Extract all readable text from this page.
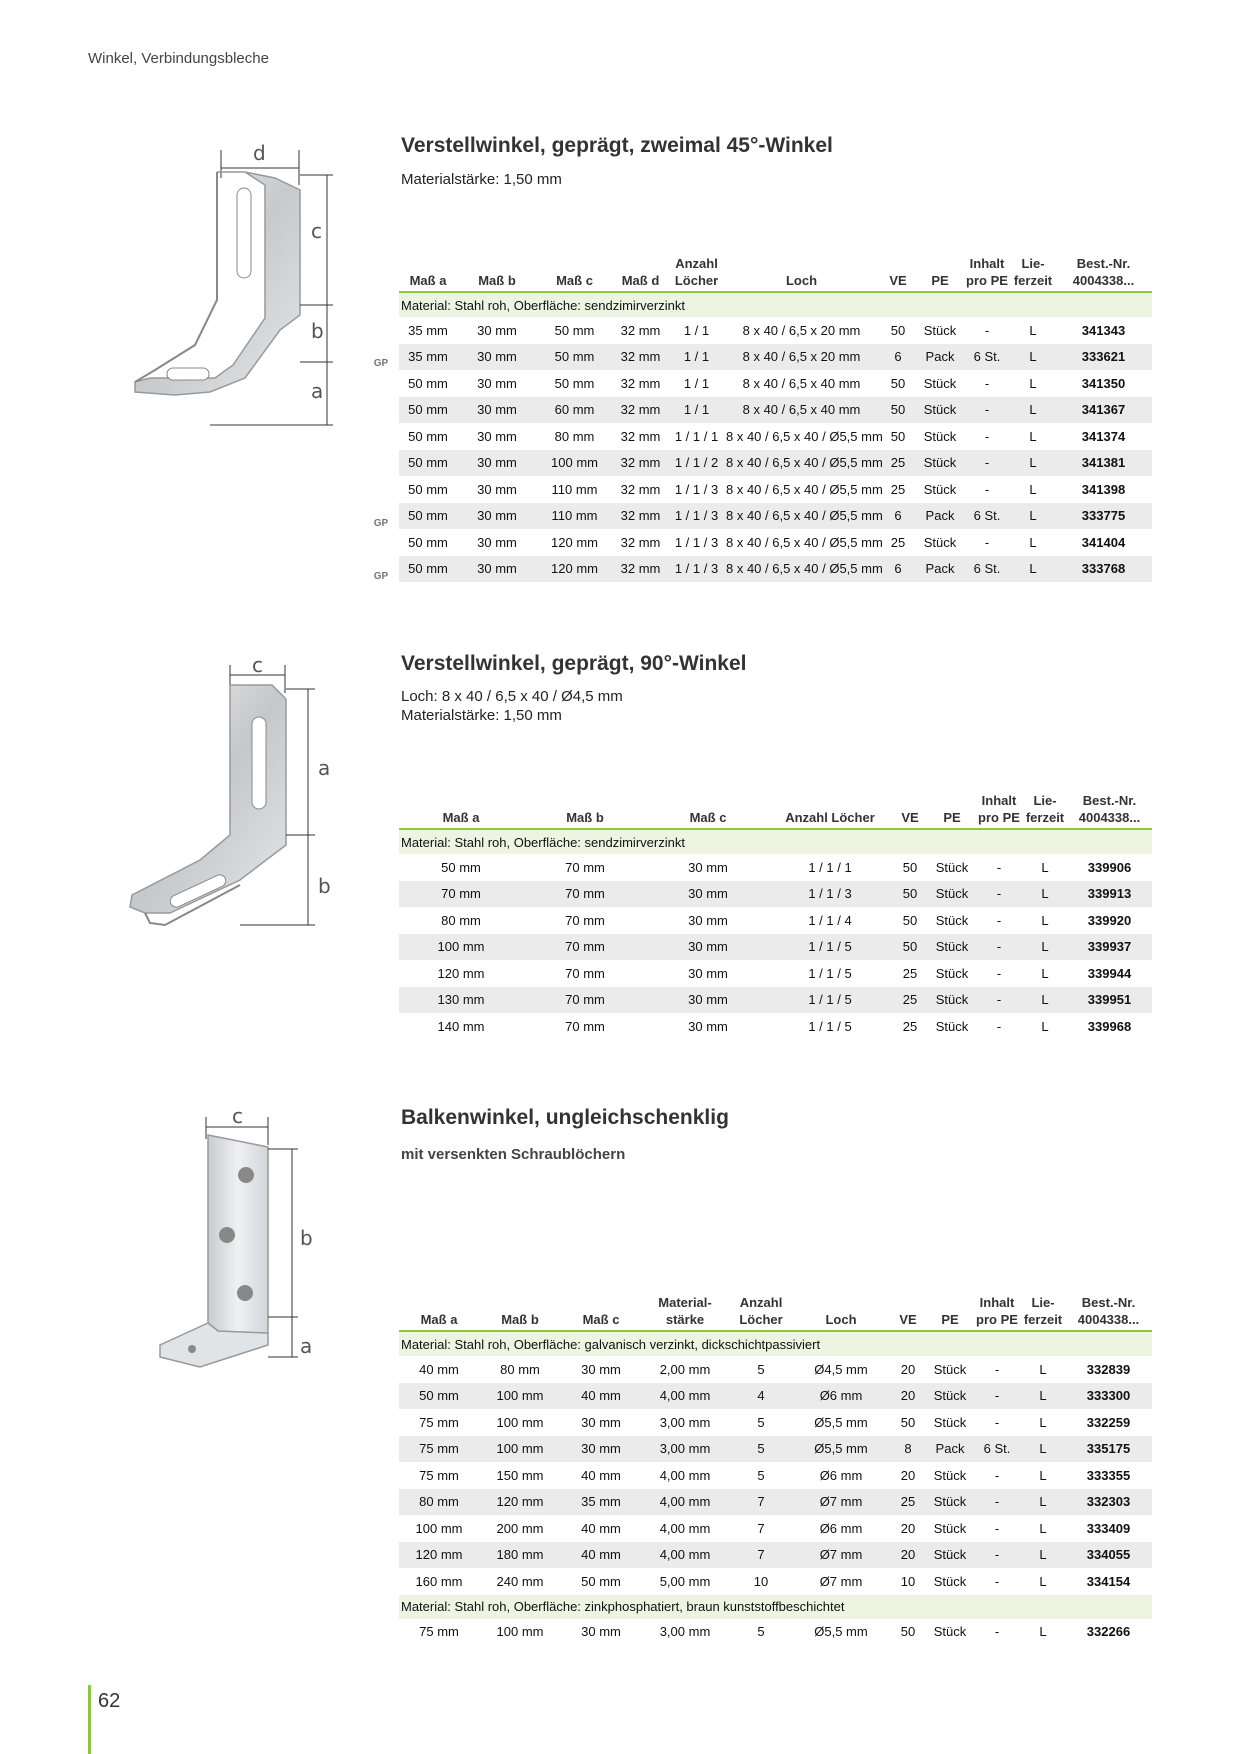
Winkel, Verbindungsbleche
d
c
b
a
Verstellwinkel, geprägt, zweimal 45°-Winkel
Materialstärke: 1,50 mm
GP
GP
GP
Maß a	Maß b	Maß c	Maß d	Anzahl Löcher	Loch	VE	PE	Inhalt pro PE	Lie-ferzeit	Best.-Nr. 4004338...
Material: Stahl roh, Oberfläche: sendzimirverzinkt										
35 mm	30 mm	50 mm	32 mm	1 / 1	8 x 40 / 6,5 x 20 mm	50	Stück	-	L	341343
35 mm	30 mm	50 mm	32 mm	1 / 1	8 x 40 / 6,5 x 20 mm	6	Pack	6 St.	L	333621
50 mm	30 mm	50 mm	32 mm	1 / 1	8 x 40 / 6,5 x 40 mm	50	Stück	-	L	341350
50 mm	30 mm	60 mm	32 mm	1 / 1	8 x 40 / 6,5 x 40 mm	50	Stück	-	L	341367
50 mm	30 mm	80 mm	32 mm	1 / 1 / 1	8 x 40 / 6,5 x 40 / Ø5,5 mm	50	Stück	-	L	341374
50 mm	30 mm	100 mm	32 mm	1 / 1 / 2	8 x 40 / 6,5 x 40 / Ø5,5 mm	25	Stück	-	L	341381
50 mm	30 mm	110 mm	32 mm	1 / 1 / 3	8 x 40 / 6,5 x 40 / Ø5,5 mm	25	Stück	-	L	341398
50 mm	30 mm	110 mm	32 mm	1 / 1 / 3	8 x 40 / 6,5 x 40 / Ø5,5 mm	6	Pack	6 St.	L	333775
50 mm	30 mm	120 mm	32 mm	1 / 1 / 3	8 x 40 / 6,5 x 40 / Ø5,5 mm	25	Stück	-	L	341404
50 mm	30 mm	120 mm	32 mm	1 / 1 / 3	8 x 40 / 6,5 x 40 / Ø5,5 mm	6	Pack	6 St.	L	333768
c
a
b
Verstellwinkel, geprägt, 90°-Winkel
Loch: 8 x 40 / 6,5 x 40 / Ø4,5 mm
Materialstärke: 1,50 mm
Maß a	Maß b	Maß c	Anzahl Löcher	VE	PE	Inhalt pro PE	Lie-ferzeit	Best.-Nr. 4004338...
Material: Stahl roh, Oberfläche: sendzimirverzinkt								
50 mm	70 mm	30 mm	1 / 1 / 1	50	Stück	-	L	339906
70 mm	70 mm	30 mm	1 / 1 / 3	50	Stück	-	L	339913
80 mm	70 mm	30 mm	1 / 1 / 4	50	Stück	-	L	339920
100 mm	70 mm	30 mm	1 / 1 / 5	50	Stück	-	L	339937
120 mm	70 mm	30 mm	1 / 1 / 5	25	Stück	-	L	339944
130 mm	70 mm	30 mm	1 / 1 / 5	25	Stück	-	L	339951
140 mm	70 mm	30 mm	1 / 1 / 5	25	Stück	-	L	339968
c
b
a
Balkenwinkel, ungleichschenklig
mit versenkten Schraublöchern
Maß a	Maß b	Maß c	Material-stärke	Anzahl Löcher	Loch	VE	PE	Inhalt pro PE	Lie-ferzeit	Best.-Nr. 4004338...
Material: Stahl roh, Oberfläche: galvanisch verzinkt, dickschichtpassiviert										
40 mm	80 mm	30 mm	2,00 mm	5	Ø4,5 mm	20	Stück	-	L	332839
50 mm	100 mm	40 mm	4,00 mm	4	Ø6 mm	20	Stück	-	L	333300
75 mm	100 mm	30 mm	3,00 mm	5	Ø5,5 mm	50	Stück	-	L	332259
75 mm	100 mm	30 mm	3,00 mm	5	Ø5,5 mm	8	Pack	6 St.	L	335175
75 mm	150 mm	40 mm	4,00 mm	5	Ø6 mm	20	Stück	-	L	333355
80 mm	120 mm	35 mm	4,00 mm	7	Ø7 mm	25	Stück	-	L	332303
100 mm	200 mm	40 mm	4,00 mm	7	Ø6 mm	20	Stück	-	L	333409
120 mm	180 mm	40 mm	4,00 mm	7	Ø7 mm	20	Stück	-	L	334055
160 mm	240 mm	50 mm	5,00 mm	10	Ø7 mm	10	Stück	-	L	334154
Material: Stahl roh, Oberfläche: zinkphosphatiert, braun kunststoffbeschichtet										
75 mm	100 mm	30 mm	3,00 mm	5	Ø5,5 mm	50	Stück	-	L	332266
62
